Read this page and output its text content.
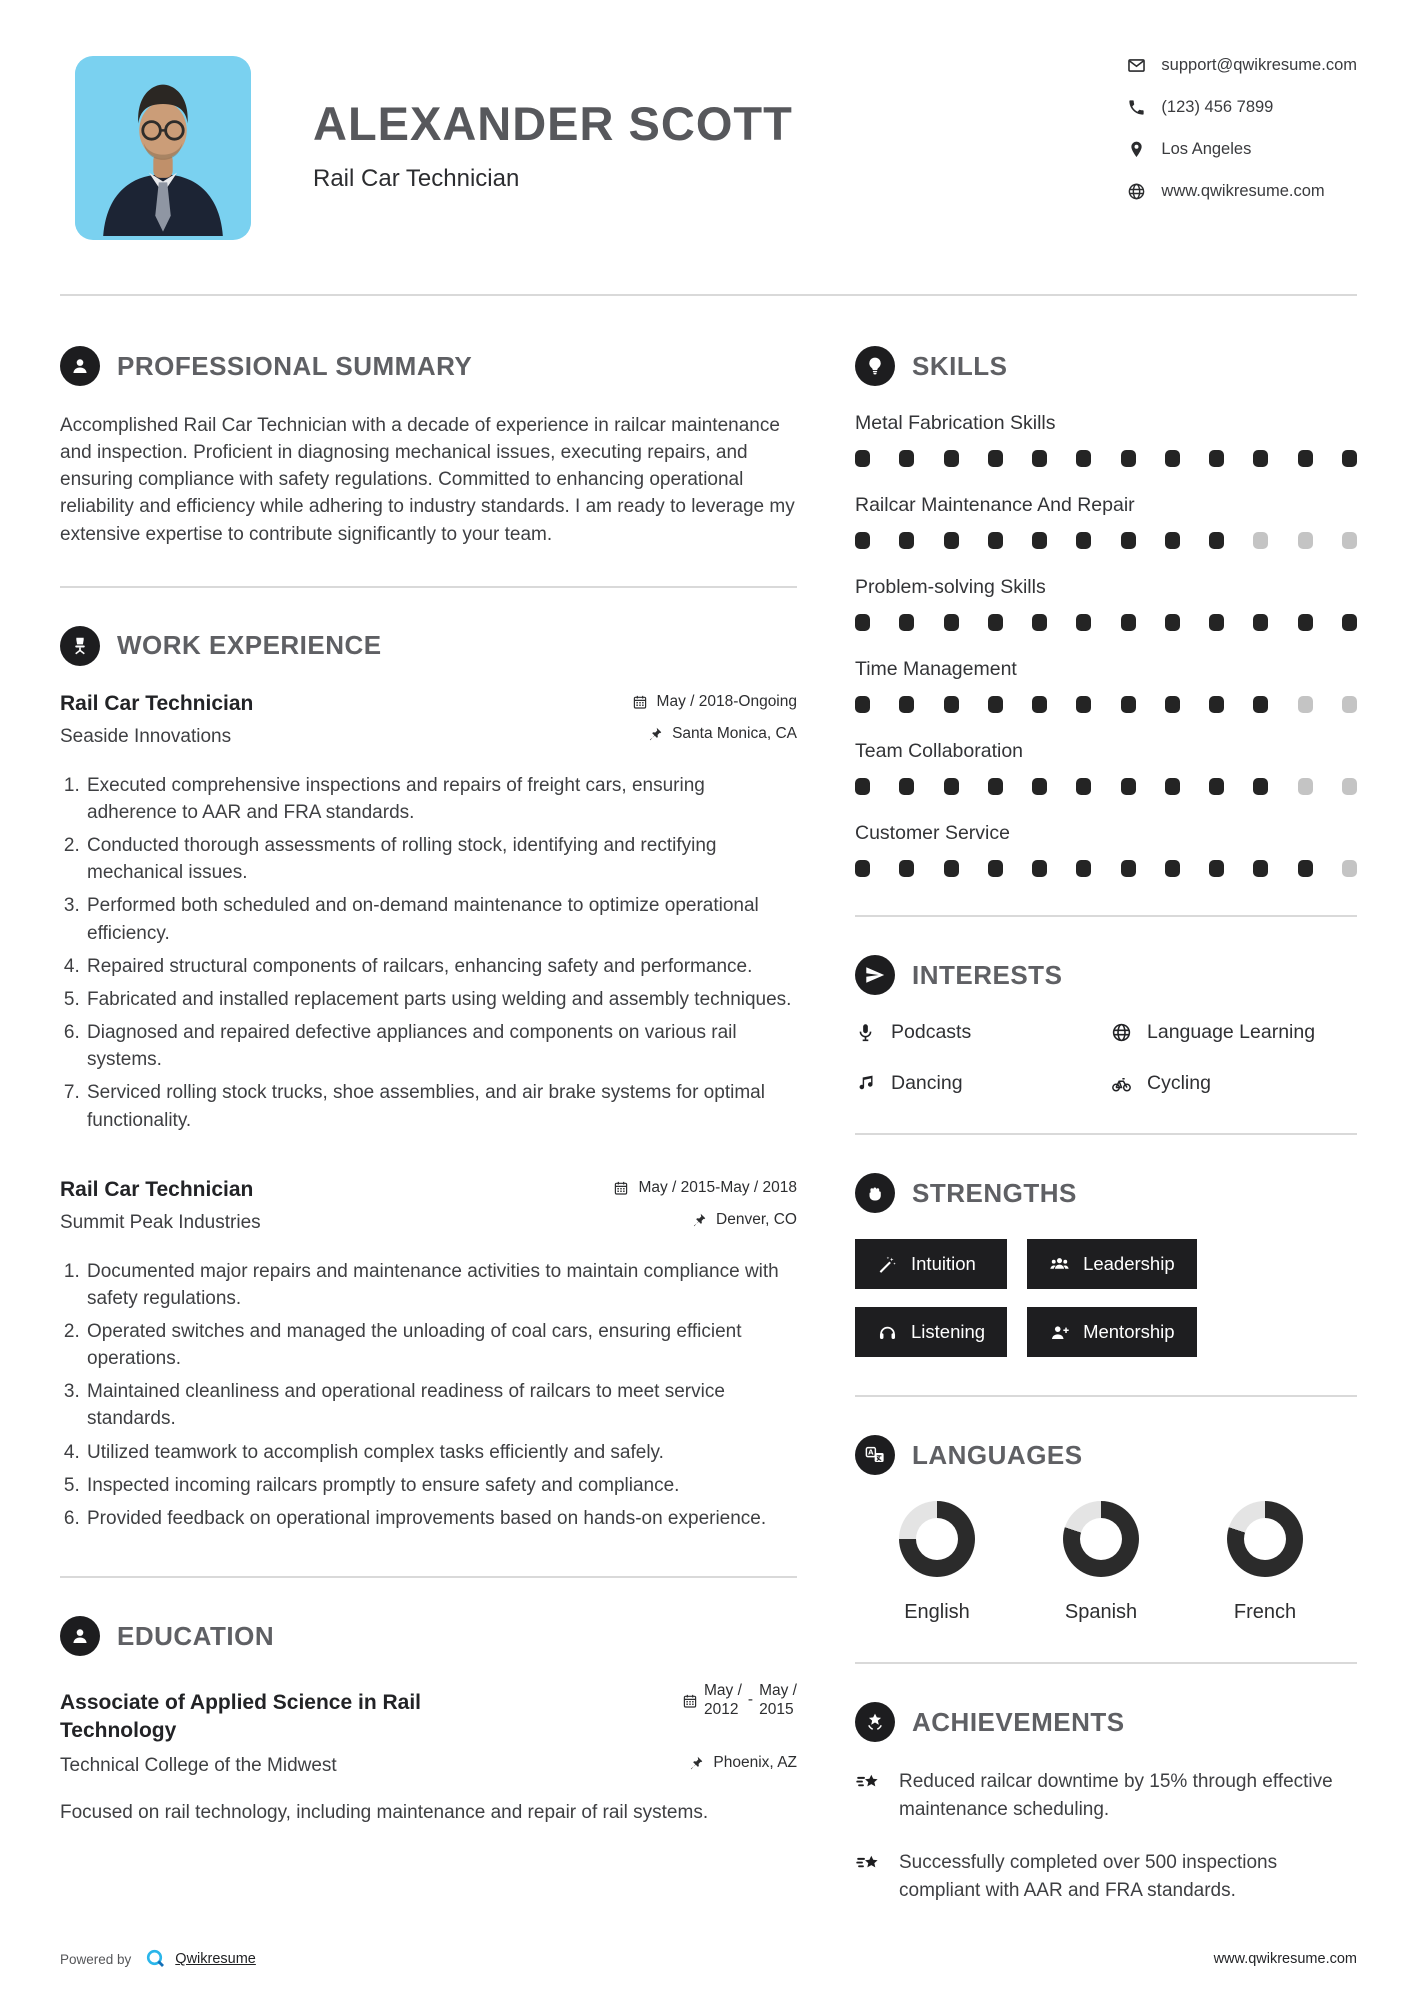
ALEXANDER SCOTT
Rail Car Technician
support@qwikresume.com
(123) 456 7899
Los Angeles
www.qwikresume.com
PROFESSIONAL SUMMARY

Accomplished Rail Car Technician with a decade of experience in railcar maintenance and inspection. Proficient in diagnosing mechanical issues, executing repairs, and ensuring compliance with safety regulations. Committed to enhancing operational reliability and efficiency while adhering to industry standards. I am ready to leverage my extensive expertise to contribute significantly to your team.

WORK EXPERIENCE
Rail Car Technician	May / 2018-Ongoing
Seaside Innovations	Santa Monica, CA
1. Executed comprehensive inspections and repairs of freight cars, ensuring adherence to AAR and FRA standards.
2. Conducted thorough assessments of rolling stock, identifying and rectifying mechanical issues.
3. Performed both scheduled and on-demand maintenance to optimize operational efficiency.
4. Repaired structural components of railcars, enhancing safety and performance.
5. Fabricated and installed replacement parts using welding and assembly techniques.
6. Diagnosed and repaired defective appliances and components on various rail systems.
7. Serviced rolling stock trucks, shoe assemblies, and air brake systems for optimal functionality.
Rail Car Technician	May / 2015-May / 2018
Summit Peak Industries	Denver, CO
1. Documented major repairs and maintenance activities to maintain compliance with safety regulations.
2. Operated switches and managed the unloading of coal cars, ensuring efficient operations.
3. Maintained cleanliness and operational readiness of railcars to meet service standards.
4. Utilized teamwork to accomplish complex tasks efficiently and safely.
5. Inspected incoming railcars promptly to ensure safety and compliance.
6. Provided feedback on operational improvements based on hands-on experience.
EDUCATION
Associate of Applied Science in Rail Technology
May /
2012
-
May /
2015
Technical College of the Midwest	Phoenix, AZ

Focused on rail technology, including maintenance and repair of rail systems.

SKILLS
Metal Fabrication Skills
Railcar Maintenance And Repair
Problem-solving Skills
Time Management
Team Collaboration
Customer Service
INTERESTS
Podcasts	Language Learning
Dancing	Cycling
STRENGTHS
Intuition	Leadership
Listening	Mentorship
LANGUAGES
English	Spanish	French
ACHIEVEMENTS

Reduced railcar downtime by 15% through effective maintenance scheduling.

Successfully completed over 500 inspections compliant with AAR and FRA standards.

Powered by	Qwikresume	www.qwikresume.com
